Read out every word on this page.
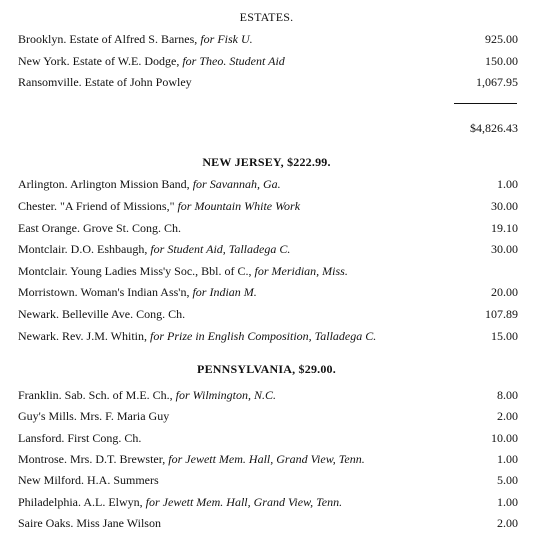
ESTATES.
Brooklyn. Estate of Alfred S. Barnes, for Fisk U.	925.00
New York. Estate of W.E. Dodge, for Theo. Student Aid	150.00
Ransomville. Estate of John Powley	1,067.95
$4,826.43
NEW JERSEY, $222.99.
Arlington. Arlington Mission Band, for Savannah, Ga.	1.00
Chester. "A Friend of Missions," for Mountain White Work	30.00
East Orange. Grove St. Cong. Ch.	19.10
Montclair. D.O. Eshbaugh, for Student Aid, Talladega C.	30.00
Montclair. Young Ladies Miss'y Soc., Bbl. of C., for Meridian, Miss.
Morristown. Woman's Indian Ass'n, for Indian M.	20.00
Newark. Belleville Ave. Cong. Ch.	107.89
Newark. Rev. J.M. Whitin, for Prize in English Composition, Talladega C.	15.00
PENNSYLVANIA, $29.00.
Franklin. Sab. Sch. of M.E. Ch., for Wilmington, N.C.	8.00
Guy's Mills. Mrs. F. Maria Guy	2.00
Lansford. First Cong. Ch.	10.00
Montrose. Mrs. D.T. Brewster, for Jewett Mem. Hall, Grand View, Tenn.	1.00
New Milford. H.A. Summers	5.00
Philadelphia. A.L. Elwyn, for Jewett Mem. Hall, Grand View, Tenn.	1.00
Saire Oaks. Miss Jane Wilson	2.00
